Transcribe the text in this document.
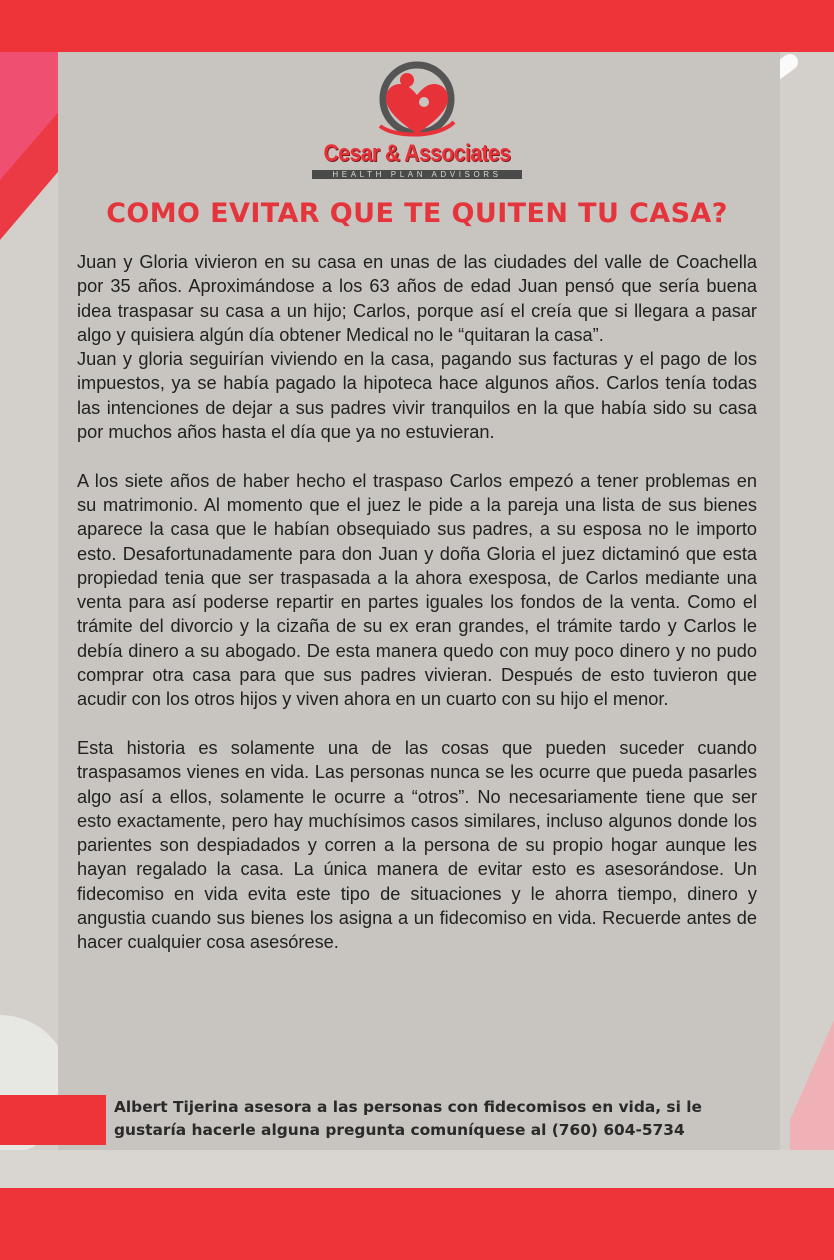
Cesar & Associates
HEALTH PLAN ADVISORS
COMO EVITAR QUE TE QUITEN TU CASA?

Juan y Gloria vivieron en su casa en unas de las ciudades del valle de Coachella por 35 años. Aproximándose a los 63 años de edad Juan pensó que sería buena idea traspasar su casa a un hijo; Carlos, porque así el creía que si llegara a pasar algo y quisiera algún día obtener Medical no le “quitaran la casa”.

Juan y gloria seguirían viviendo en la casa, pagando sus facturas y el pago de los impuestos, ya se había pagado la hipoteca hace algunos años. Carlos tenía todas las intenciones de dejar a sus padres vivir tranquilos en la que había sido su casa por muchos años hasta el día que ya no estuvieran.

A los siete años de haber hecho el traspaso Carlos empezó a tener problemas en su matrimonio. Al momento que el juez le pide a la pareja una lista de sus bienes aparece la casa que le habían obsequiado sus padres, a su esposa no le importo esto. Desafortunadamente para don Juan y doña Gloria el juez dictaminó que esta propiedad tenia que ser traspasada a la ahora exesposa, de Carlos mediante una venta para así poderse repartir en partes iguales los fondos de la venta. Como el trámite del divorcio y la cizaña de su ex eran grandes, el trámite tardo y Carlos le debía dinero a su abogado. De esta manera quedo con muy poco dinero y no pudo comprar otra casa para que sus padres vivieran. Después de esto tuvieron que acudir con los otros hijos y viven ahora en un cuarto con su hijo el menor.

Esta historia es solamente una de las cosas que pueden suceder cuando traspasamos vienes en vida. Las personas nunca se les ocurre que pueda pasarles algo así a ellos, solamente le ocurre a “otros”. No necesariamente tiene que ser esto exactamente, pero hay muchísimos casos similares, incluso algunos donde los parientes son despiadados y corren a la persona de su propio hogar aunque les hayan regalado la casa. La única manera de evitar esto es asesorándose. Un fidecomiso en vida evita este tipo de situaciones y le ahorra tiempo, dinero y angustia cuando sus bienes los asigna a un fidecomiso en vida. Recuerde antes de hacer cualquier cosa asesórese.

Albert Tijerina asesora a las personas con fidecomisos en vida, si le gustaría hacerle alguna pregunta comuníquese al (760) 604-5734
